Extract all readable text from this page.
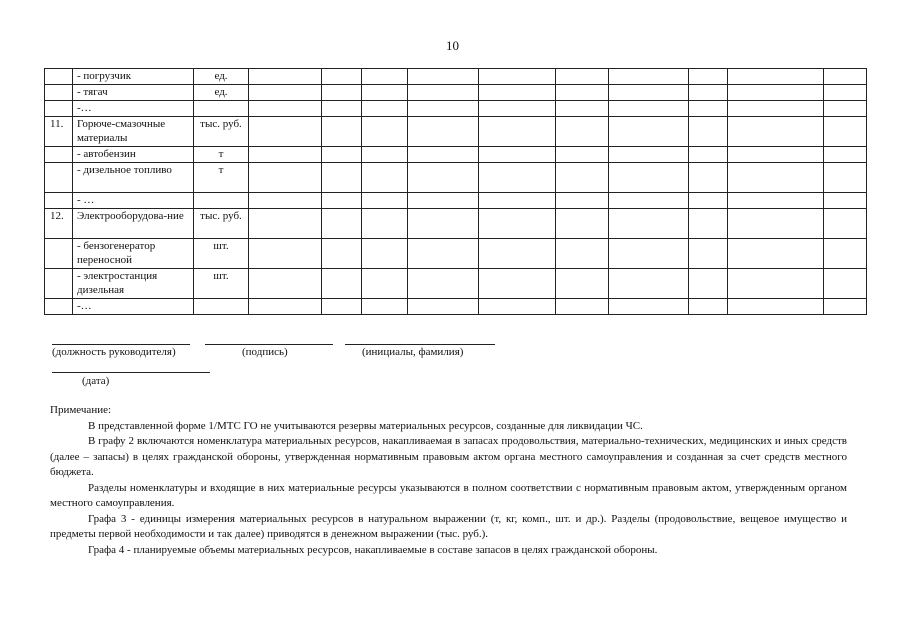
10
	- погрузчик	ед.										
	- тягач	ед.										
	-…											
11.	Горюче-смазочные материалы	тыс. руб.										
	- автобензин	т										
	- дизельное топливо	т										
	- …											
12.	Электрооборудова-ние	тыс. руб.										
	- бензогенератор переносной	шт.										
	- электростанция дизельная	шт.										
	-…											
(должность руководителя)	(подпись)	(инициалы, фамилия)
(дата)

Примечание:

В представленной форме 1/МТС ГО не учитываются резервы материальных ресурсов, созданные для ликвидации ЧС.

В графу 2 включаются номенклатура материальных ресурсов, накапливаемая в запасах продовольствия, материально-технических, медицинских и иных средств (далее – запасы) в целях гражданской обороны, утвержденная нормативным правовым актом органа местного самоуправления и созданная за счет средств местного бюджета.

Разделы номенклатуры и входящие в них материальные ресурсы указываются в полном соответствии с нормативным правовым актом, утвержденным органом местного самоуправления.

Графа 3 - единицы измерения материальных ресурсов в натуральном выражении (т, кг, комп., шт. и др.). Разделы (продовольствие, вещевое имущество и предметы первой необходимости и так далее) приводятся в денежном выражении (тыс. руб.).

Графа 4 - планируемые объемы материальных ресурсов, накапливаемые в составе запасов в целях гражданской обороны.
